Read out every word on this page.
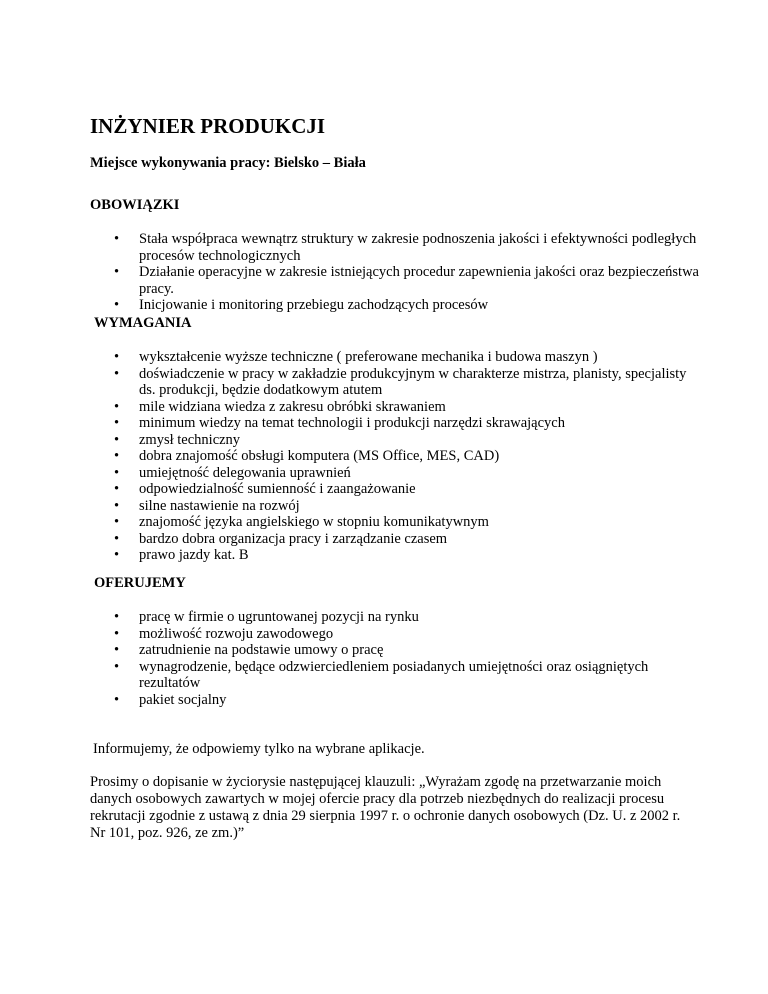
INŻYNIER PRODUKCJI

Miejsce wykonywania pracy: Bielsko – Biała

OBOWIĄZKI
•	Stała współpraca wewnątrz struktury w zakresie podnoszenia jakości i efektywności podległych procesów technologicznych
•	Działanie operacyjne w zakresie istniejących procedur zapewnienia jakości oraz bezpieczeństwa pracy.
•	Inicjowanie i monitoring przebiegu zachodzących procesów
WYMAGANIA
•	wykształcenie wyższe techniczne ( preferowane mechanika i budowa maszyn )
•	doświadczenie w pracy w zakładzie produkcyjnym w charakterze mistrza, planisty, specjalisty ds. produkcji, będzie dodatkowym atutem
•	mile widziana wiedza z zakresu obróbki skrawaniem
•	minimum wiedzy na temat technologii i produkcji narzędzi skrawających
•	zmysł techniczny
•	dobra znajomość obsługi komputera (MS Office, MES, CAD)
•	umiejętność delegowania uprawnień
•	odpowiedzialność sumienność i zaangażowanie
•	silne nastawienie na rozwój
•	znajomość języka angielskiego w stopniu komunikatywnym
•	bardzo dobra organizacja pracy i zarządzanie czasem
•	prawo jazdy kat. B
OFERUJEMY
•	pracę w firmie o ugruntowanej pozycji na rynku
•	możliwość rozwoju zawodowego
•	zatrudnienie na podstawie umowy o pracę
•	wynagrodzenie, będące odzwierciedleniem posiadanych umiejętności oraz osiągniętych rezultatów
•	pakiet socjalny

Informujemy, że odpowiemy tylko na wybrane aplikacje.

Prosimy o dopisanie w życiorysie następującej klauzuli: „Wyrażam zgodę na przetwarzanie moich danych osobowych zawartych w mojej ofercie pracy dla potrzeb niezbędnych do realizacji procesu rekrutacji zgodnie z ustawą z dnia 29 sierpnia 1997 r. o ochronie danych osobowych (Dz. U. z 2002 r. Nr 101, poz. 926, ze zm.)”
